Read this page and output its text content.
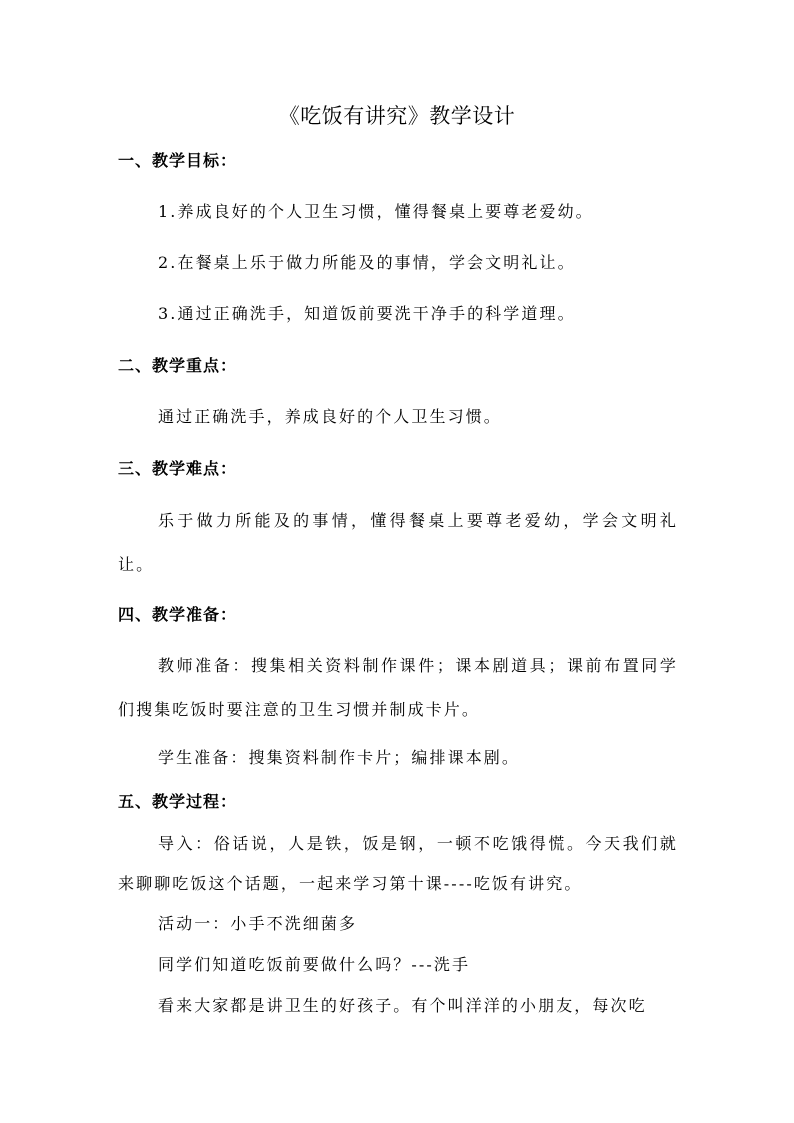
《吃饭有讲究》教学设计
一、教学目标：

1.养成良好的个人卫生习惯，懂得餐桌上要尊老爱幼。

2.在餐桌上乐于做力所能及的事情，学会文明礼让。

3.通过正确洗手，知道饭前要洗干净手的科学道理。

二、教学重点：

通过正确洗手，养成良好的个人卫生习惯。

三、教学难点：

乐于做力所能及的事情，懂得餐桌上要尊老爱幼，学会文明礼让。

四、教学准备：

教师准备：搜集相关资料制作课件；课本剧道具；课前布置同学们搜集吃饭时要注意的卫生习惯并制成卡片。

学生准备：搜集资料制作卡片；编排课本剧。

五、教学过程：

导入：俗话说，人是铁，饭是钢，一顿不吃饿得慌。今天我们就来聊聊吃饭这个话题，一起来学习第十课----吃饭有讲究。

活动一：小手不洗细菌多

同学们知道吃饭前要做什么吗？---洗手

看来大家都是讲卫生的好孩子。有个叫洋洋的小朋友，每次吃
